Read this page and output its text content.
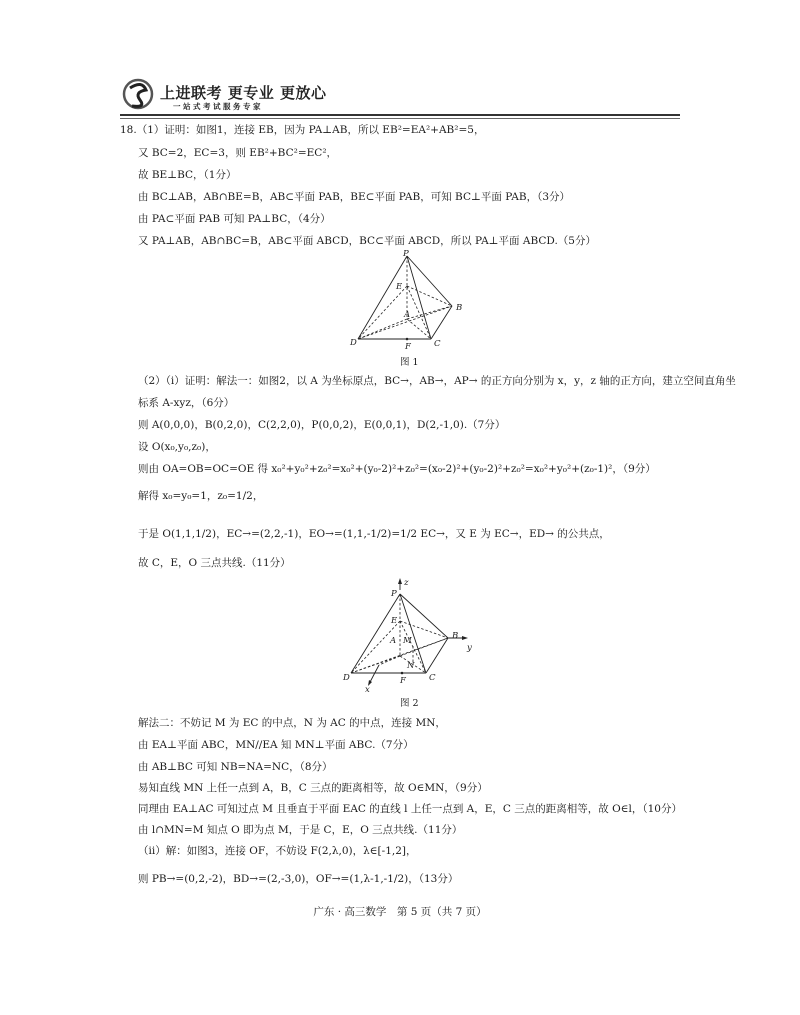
上进联考 更专业 更放心
一站式考试服务专家
18.（1）证明：如图1，连接 EB，因为 PA⊥AB，所以 EB²=EA²+AB²=5，
又 BC=2，EC=3，则 EB²+BC²=EC²，
故 BE⊥BC，（1分）
由 BC⊥AB，AB∩BE=B，AB⊂平面 PAB，BE⊂平面 PAB，可知 BC⊥平面 PAB，（3分）
由 PA⊂平面 PAB 可知 PA⊥BC，（4分）
又 PA⊥AB，AB∩BC=B，AB⊂平面 ABCD，BC⊂平面 ABCD，所以 PA⊥平面 ABCD.（5分）
P
E
A
B
D	F	C
图 1
（2）（i）证明：解法一：如图2，以 A 为坐标原点，BC→，AB→，AP→ 的正方向分别为 x，y，z 轴的正方向，建立空间直角坐
标系 A-xyz，（6分）
则 A(0,0,0)，B(0,2,0)，C(2,2,0)，P(0,0,2)，E(0,0,1)，D(2,-1,0).（7分）
设 O(x₀,y₀,z₀)，
则由 OA=OB=OC=OE 得 x₀²+y₀²+z₀²=x₀²+(y₀-2)²+z₀²=(x₀-2)²+(y₀-2)²+z₀²=x₀²+y₀²+(z₀-1)²，（9分）
解得 x₀=y₀=1，z₀=1/2，
于是 O(1,1,1/2)，EC→=(2,2,-1)，EO→=(1,1,-1/2)=1/2 EC→，又 E 为 EC→，ED→ 的公共点，
故 C，E，O 三点共线.（11分）
z
P
E
M
A	B
y
N
D	F	C
x
图 2
解法二：不妨记 M 为 EC 的中点，N 为 AC 的中点，连接 MN，
由 EA⊥平面 ABC，MN//EA 知 MN⊥平面 ABC.（7分）
由 AB⊥BC 可知 NB=NA=NC，（8分）
易知直线 MN 上任一点到 A，B，C 三点的距离相等，故 O∈MN，（9分）
同理由 EA⊥AC 可知过点 M 且垂直于平面 EAC 的直线 l 上任一点到 A，E，C 三点的距离相等，故 O∈l，（10分）
由 l∩MN=M 知点 O 即为点 M，于是 C，E，O 三点共线.（11分）
（ii）解：如图3，连接 OF，不妨设 F(2,λ,0)，λ∈[-1,2]，
则 PB→=(0,2,-2)，BD→=(2,-3,0)，OF→=(1,λ-1,-1/2)，（13分）
广东 · 高三数学　第 5 页（共 7 页）
